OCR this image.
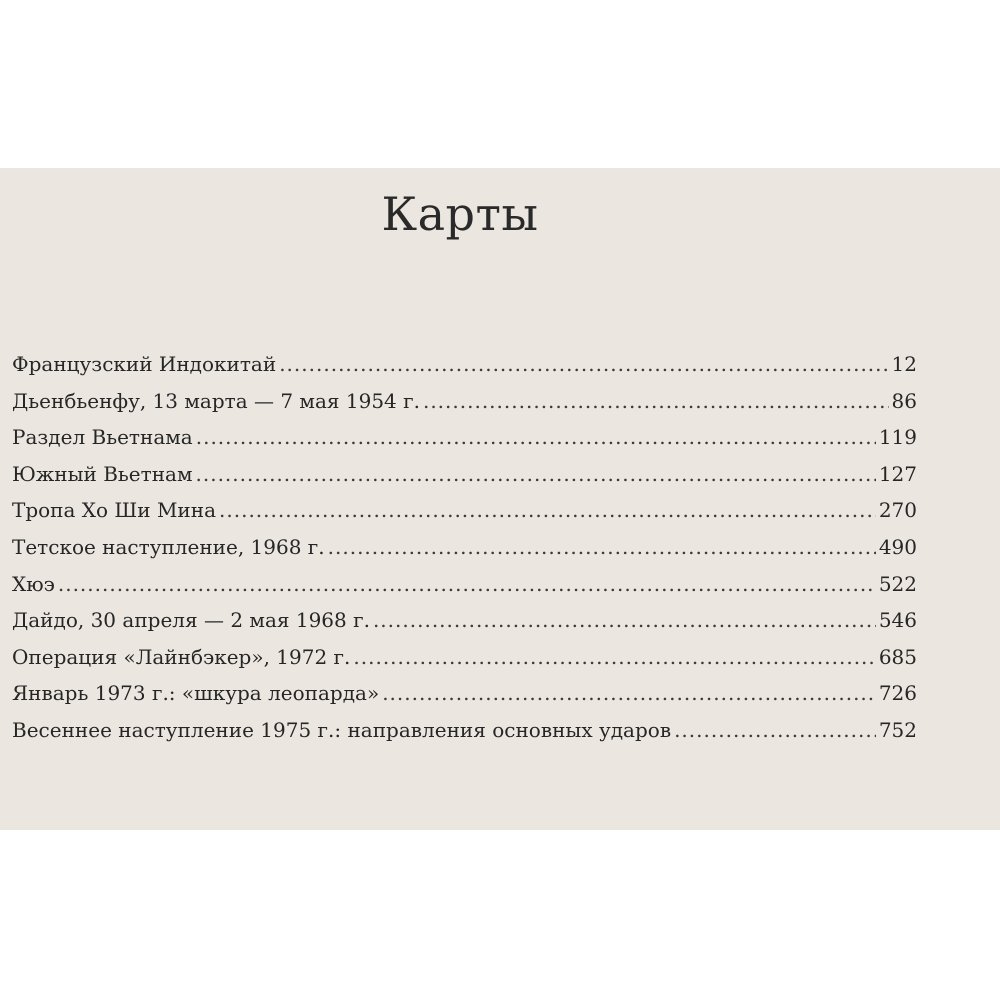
Карты
Французский Индокитай .....	12
Дьенбьенфу, 13 марта — 7 мая 1954 г. .....	86
Раздел Вьетнама .....	119
Южный Вьетнам .....	127
Тропа Хо Ши Мина .....	270
Тетское наступление, 1968 г. .....	490
Хюэ .....	522
Дайдо, 30 апреля — 2 мая 1968 г. .....	546
Операция «Лайнбэкер», 1972 г. .....	685
Январь 1973 г.: «шкура леопарда» .....	726
Весеннее наступление 1975 г.: направления основных ударов .....	752
